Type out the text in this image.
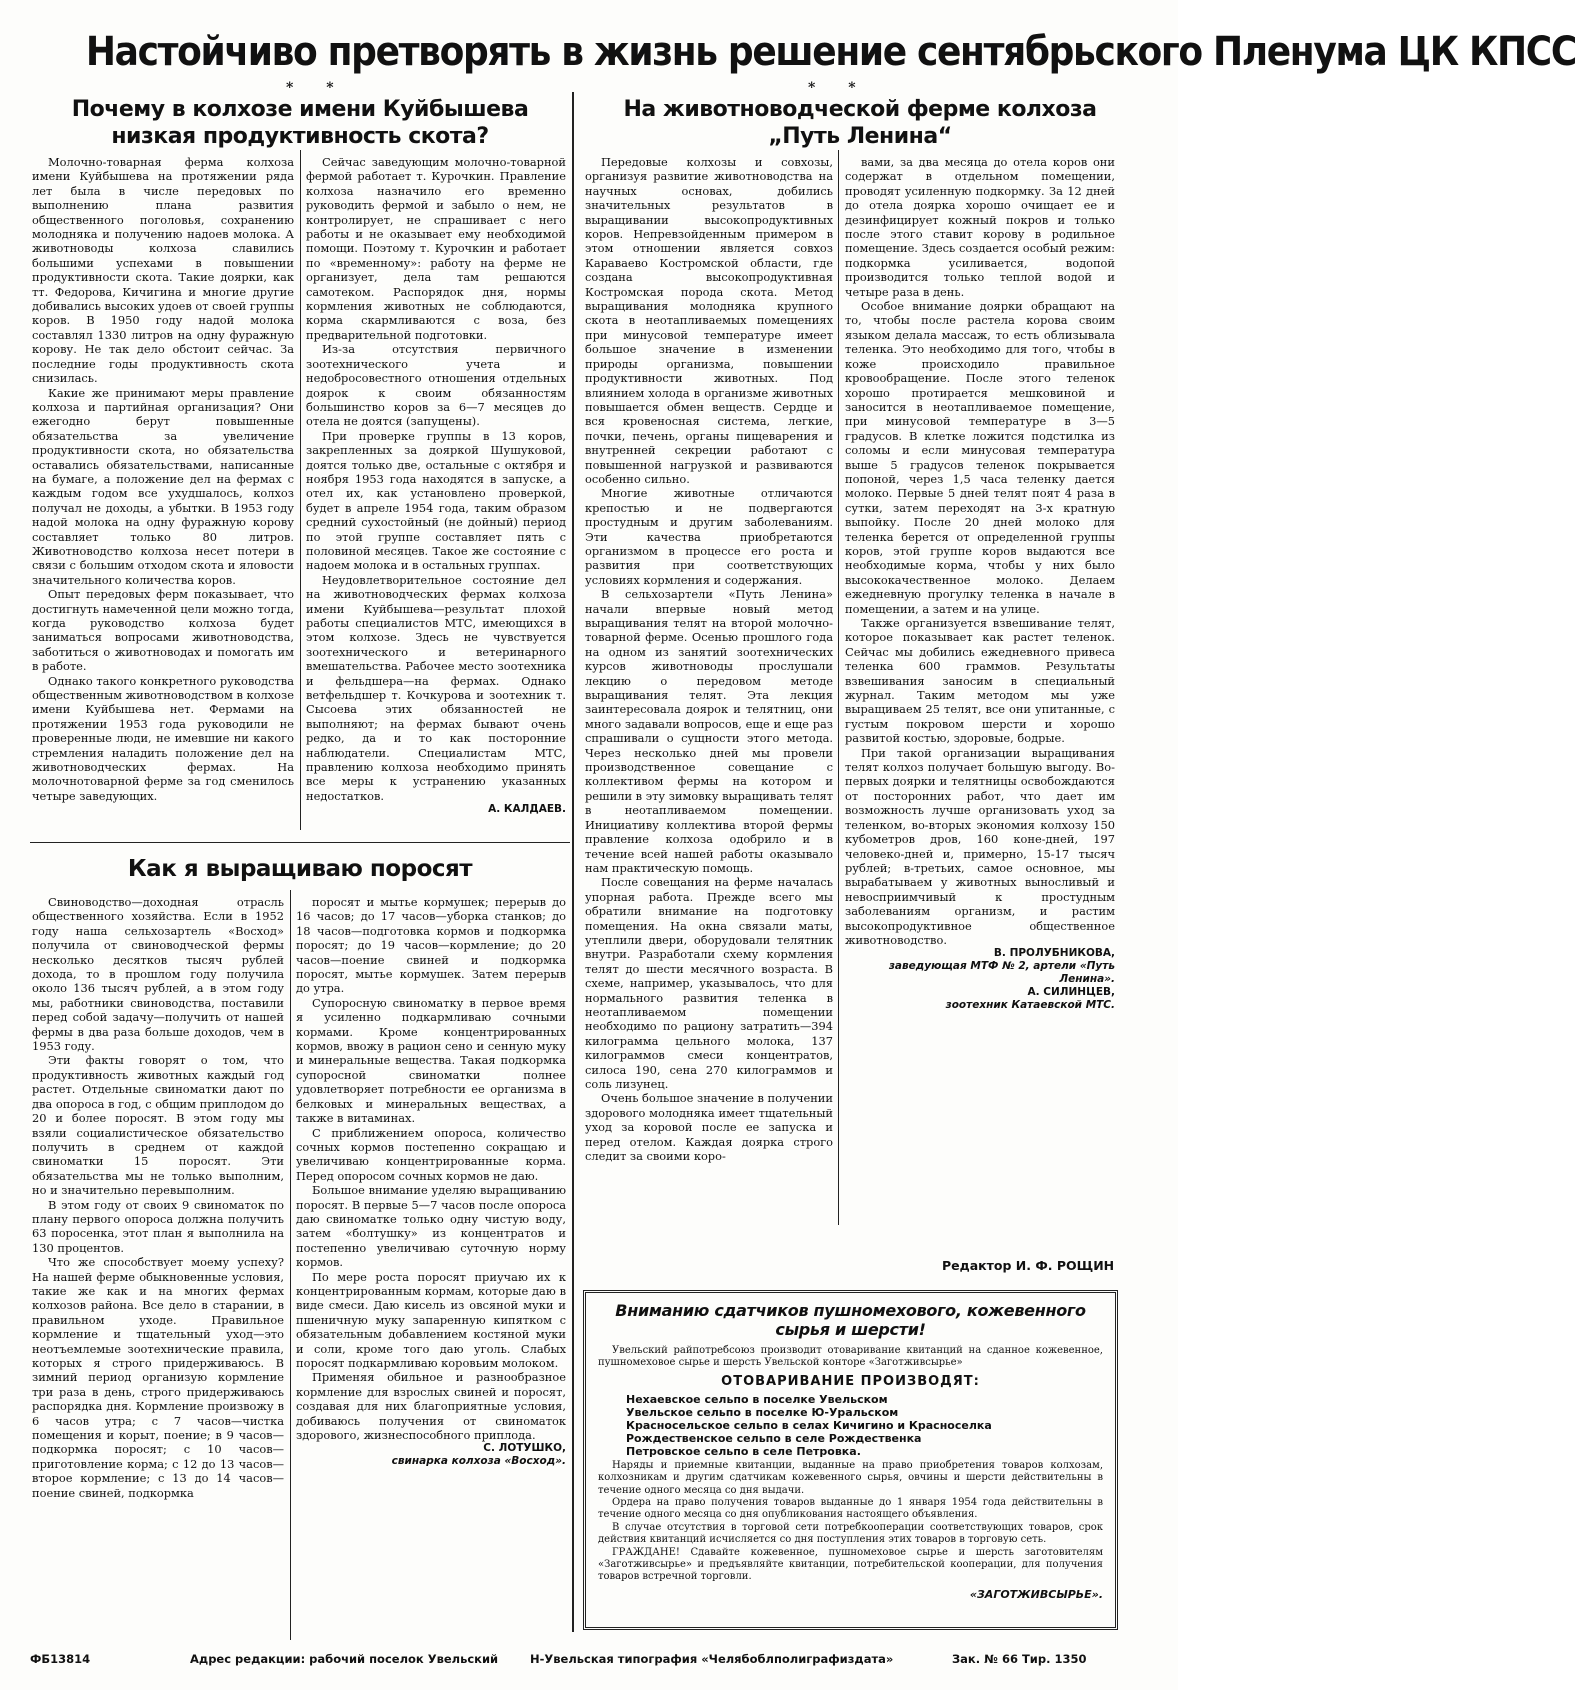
Настойчиво претворять в жизнь решение сентябрьского Пленума ЦК КПСС
* *	* *
Почему в колхозе имени Куйбышева низкая продуктивность скота?

Молочно-товарная ферма колхоза имени Куйбышева на протяжении ряда лет была в числе передовых по выполнению плана развития общественного поголовья, сохранению молодняка и получению надоев молока. А животноводы колхоза славились большими успехами в повышении продуктивности скота. Такие доярки, как тт. Федорова, Кичигина и многие другие добивались высоких удоев от своей группы коров. В 1950 году надой молока составлял 1330 литров на одну фуражную корову. Не так дело обстоит сейчас. За последние годы продуктивность скота снизилась.

Какие же принимают меры правление колхоза и партийная организация? Они ежегодно берут повышенные обязательства за увеличение продуктивности скота, но обязательства оставались обязательствами, написанные на бумаге, а положение дел на фермах с каждым годом все ухудшалось, колхоз получал не доходы, а убытки. В 1953 году надой молока на одну фуражную корову составляет только 80 литров. Животноводство колхоза несет потери в связи с большим отходом скота и яловости значительного количества коров.

Опыт передовых ферм показывает, что достигнуть намеченной цели можно тогда, когда руководство колхоза будет заниматься вопросами животноводства, заботиться о животноводах и помогать им в работе.

Однако такого конкретного руководства общественным животноводством в колхозе имени Куйбышева нет. Фермами на протяжении 1953 года руководили не проверенные люди, не имевшие ни какого стремления наладить положение дел на животноводческих фермах. На молочнотоварной ферме за год сменилось четыре заведующих.

Сейчас заведующим молочно-товарной фермой работает т. Курочкин. Правление колхоза назначило его временно руководить фермой и забыло о нем, не контролирует, не спрашивает с него работы и не оказывает ему необходимой помощи. Поэтому т. Курочкин и работает по «временному»: работу на ферме не организует, дела там решаются самотеком. Распорядок дня, нормы кормления животных не соблюдаются, корма скармливаются с воза, без предварительной подготовки.

Из-за отсутствия первичного зоотехнического учета и недобросовестного отношения отдельных доярок к своим обязанностям большинство коров за 6—7 месяцев до отела не доятся (запущены).

При проверке группы в 13 коров, закрепленных за дояркой Шушуковой, доятся только две, остальные с октября и ноября 1953 года находятся в запуске, а отел их, как установлено проверкой, будет в апреле 1954 года, таким образом средний сухостойный (не дойный) период по этой группе составляет пять с половиной месяцев. Такое же состояние с надоем молока и в остальных группах.

Неудовлетворительное состояние дел на животноводческих фермах колхоза имени Куйбышева—результат плохой работы специалистов МТС, имеющихся в этом колхозе. Здесь не чувствуется зоотехнического и ветеринарного вмешательства. Рабочее место зоотехника и фельдшера—на фермах. Однако ветфельдшер т. Кочкурова и зоотехник т. Сысоева этих обязанностей не выполняют; на фермах бывают очень редко, да и то как посторонние наблюдатели. Специалистам МТС, правлению колхоза необходимо принять все меры к устранению указанных недостатков.

А. КАЛДАЕВ.
Как я выращиваю поросят

Свиноводство—доходная отрасль общественного хозяйства. Если в 1952 году наша сельхозартель «Восход» получила от свиноводческой фермы несколько десятков тысяч рублей дохода, то в прошлом году получила около 136 тысяч рублей, а в этом году мы, работники свиноводства, поставили перед собой задачу—получить от нашей фермы в два раза больше доходов, чем в 1953 году.

Эти факты говорят о том, что продуктивность животных каждый год растет. Отдельные свиноматки дают по два опороса в год, с общим приплодом до 20 и более поросят. В этом году мы взяли социалистическое обязательство получить в среднем от каждой свиноматки 15 поросят. Эти обязательства мы не только выполним, но и значительно перевыполним.

В этом году от своих 9 свиноматок по плану первого опороса должна получить 63 поросенка, этот план я выполнила на 130 процентов.

Что же способствует моему успеху? На нашей ферме обыкновенные условия, такие же как и на многих фермах колхозов района. Все дело в старании, в правильном уходе. Правильное кормление и тщательный уход—это неотъемлемые зоотехнические правила, которых я строго придерживаюсь. В зимний период организую кормление три раза в день, строго придерживаюсь распорядка дня. Кормление произвожу в 6 часов утра; с 7 часов—чистка помещения и корыт, поение; в 9 часов—подкормка поросят; с 10 часов—приготовление корма; с 12 до 13 часов—второе кормление; с 13 до 14 часов—поение свиней, подкормка

поросят и мытье кормушек; перерыв до 16 часов; до 17 часов—уборка станков; до 18 часов—подготовка кормов и подкормка поросят; до 19 часов—кормление; до 20 часов—поение свиней и подкормка поросят, мытье кормушек. Затем перерыв до утра.

Супоросную свиноматку в первое время я усиленно подкармливаю сочными кормами. Кроме концентрированных кормов, ввожу в рацион сено и сенную муку и минеральные вещества. Такая подкормка супоросной свиноматки полнее удовлетворяет потребности ее организма в белковых и минеральных веществах, а также в витаминах.

С приближением опороса, количество сочных кормов постепенно сокращаю и увеличиваю концентрированные корма. Перед опоросом сочных кормов не даю.

Большое внимание уделяю выращиванию поросят. В первые 5—7 часов после опороса даю свиноматке только одну чистую воду, затем «болтушку» из концентратов и постепенно увеличиваю суточную норму кормов.

По мере роста поросят приучаю их к концентрированным кормам, которые даю в виде смеси. Даю кисель из овсяной муки и пшеничную муку запаренную кипятком с обязательным добавлением костяной муки и соли, кроме того даю уголь. Слабых поросят подкармливаю коровьим молоком.

Применяя обильное и разнообразное кормление для взрослых свиней и поросят, создавая для них благоприятные условия, добиваюсь получения от свиноматок здорового, жизнеспособного приплода.

С. ЛОТУШКО,
свинарка колхоза «Восход».
На животноводческой ферме колхоза „Путь Ленина“

Передовые колхозы и совхозы, организуя развитие животноводства на научных основах, добились значительных результатов в выращивании высокопродуктивных коров. Непревзойденным примером в этом отношении является совхоз Караваево Костромской области, где создана высокопродуктивная Костромская порода скота. Метод выращивания молодняка крупного скота в неотапливаемых помещениях при минусовой температуре имеет большое значение в изменении природы организма, повышении продуктивности животных. Под влиянием холода в организме животных повышается обмен веществ. Сердце и вся кровеносная система, легкие, почки, печень, органы пищеварения и внутренней секреции работают с повышенной нагрузкой и развиваются особенно сильно.

Многие животные отличаются крепостью и не подвергаются простудным и другим заболеваниям. Эти качества приобретаются организмом в процессе его роста и развития при соответствующих условиях кормления и содержания.

В сельхозартели «Путь Ленина» начали впервые новый метод выращивания телят на второй молочно-товарной ферме. Осенью прошлого года на одном из занятий зоотехнических курсов животноводы прослушали лекцию о передовом методе выращивания телят. Эта лекция заинтересовала доярок и телятниц, они много задавали вопросов, еще и еще раз спрашивали о сущности этого метода. Через несколько дней мы провели производственное совещание с коллективом фермы на котором и решили в эту зимовку выращивать телят в неотапливаемом помещении. Инициативу коллектива второй фермы правление колхоза одобрило и в течение всей нашей работы оказывало нам практическую помощь.

После совещания на ферме началась упорная работа. Прежде всего мы обратили внимание на подготовку помещения. На окна связали маты, утеплили двери, оборудовали телятник внутри. Разработали схему кормления телят до шести месячного возраста. В схеме, например, указывалось, что для нормального развития теленка в неотапливаемом помещении необходимо по рациону затратить—394 килограмма цельного молока, 137 килограммов смеси концентратов, силоса 190, сена 270 килограммов и соль лизунец.

Очень большое значение в получении здорового молодняка имеет тщательный уход за коровой после ее запуска и перед отелом. Каждая доярка строго следит за своими коро-

вами, за два месяца до отела коров они содержат в отдельном помещении, проводят усиленную подкормку. За 12 дней до отела доярка хорошо очищает ее и дезинфицирует кожный покров и только после этого ставит корову в родильное помещение. Здесь создается особый режим: подкормка усиливается, водопой производится только теплой водой и четыре раза в день.

Особое внимание доярки обращают на то, чтобы после растела корова своим языком делала массаж, то есть облизывала теленка. Это необходимо для того, чтобы в коже происходило правильное кровообращение. После этого теленок хорошо протирается мешковиной и заносится в неотапливаемое помещение, при минусовой температуре в 3—5 градусов. В клетке ложится подстилка из соломы и если минусовая температура выше 5 градусов теленок покрывается попоной, через 1,5 часа теленку дается молоко. Первые 5 дней телят поят 4 раза в сутки, затем переходят на 3-х кратную выпойку. После 20 дней молоко для теленка берется от определенной группы коров, этой группе коров выдаются все необходимые корма, чтобы у них было высококачественное молоко. Делаем ежедневную прогулку теленка в начале в помещении, а затем и на улице.

Также организуется взвешивание телят, которое показывает как растет теленок. Сейчас мы добились ежедневного привеса теленка 600 граммов. Результаты взвешивания заносим в специальный журнал. Таким методом мы уже выращиваем 25 телят, все они упитанные, с густым покровом шерсти и хорошо развитой костью, здоровые, бодрые.

При такой организации выращивания телят колхоз получает большую выгоду. Во-первых доярки и телятницы освобождаются от посторонних работ, что дает им возможность лучше организовать уход за теленком, во-вторых экономия колхозу 150 кубометров дров, 160 коне-дней, 197 человеко-дней и, примерно, 15-17 тысяч рублей; в-третьих, самое основное, мы вырабатываем у животных выносливый и невосприимчивый к простудным заболеваниям организм, и растим высокопродуктивное общественное животноводство.

В. ПРОЛУБНИКОВА,
заведующая МТФ № 2, артели «Путь Ленина».
А. СИЛИНЦЕВ,
зоотехник Катаевской МТС.
Редактор И. Ф. РОЩИН
Вниманию сдатчиков пушномехового, кожевенного сырья и шерсти!

Увельский райпотребсоюз производит отоваривание квитанций на сданное кожевенное, пушномеховое сырье и шерсть Увельской конторе «Заготживсырье»

ОТОВАРИВАНИЕ ПРОИЗВОДЯТ:
Нехаевское сельпо в поселке Увельском
Увельское сельпо в поселке Ю-Уральском
Красносельское сельпо в селах Кичигино и Красноселка
Рождественское сельпо в селе Рождественка
Петровское сельпо в селе Петровка.

Наряды и приемные квитанции, выданные на право приобретения товаров колхозам, колхозникам и другим сдатчикам кожевенного сырья, овчины и шерсти действительны в течение одного месяца со дня выдачи.

Ордера на право получения товаров выданные до 1 января 1954 года действительны в течение одного месяца со дня опубликования настоящего объявления.

В случае отсутствия в торговой сети потребкооперации соответствующих товаров, срок действия квитанций исчисляется со дня поступления этих товаров в торговую сеть.

ГРАЖДАНЕ! Сдавайте кожевенное, пушномеховое сырье и шерсть заготовителям «Заготживсырье» и предъявляйте квитанции, потребительской кооперации, для получения товаров встречной торговли.

«ЗАГОТЖИВСЫРЬЕ».
ФБ13814	Адрес редакции: рабочий поселок Увельский	Н-Увельская типография «Челябоблполиграфиздата»	Зак. № 66 Тир. 1350
